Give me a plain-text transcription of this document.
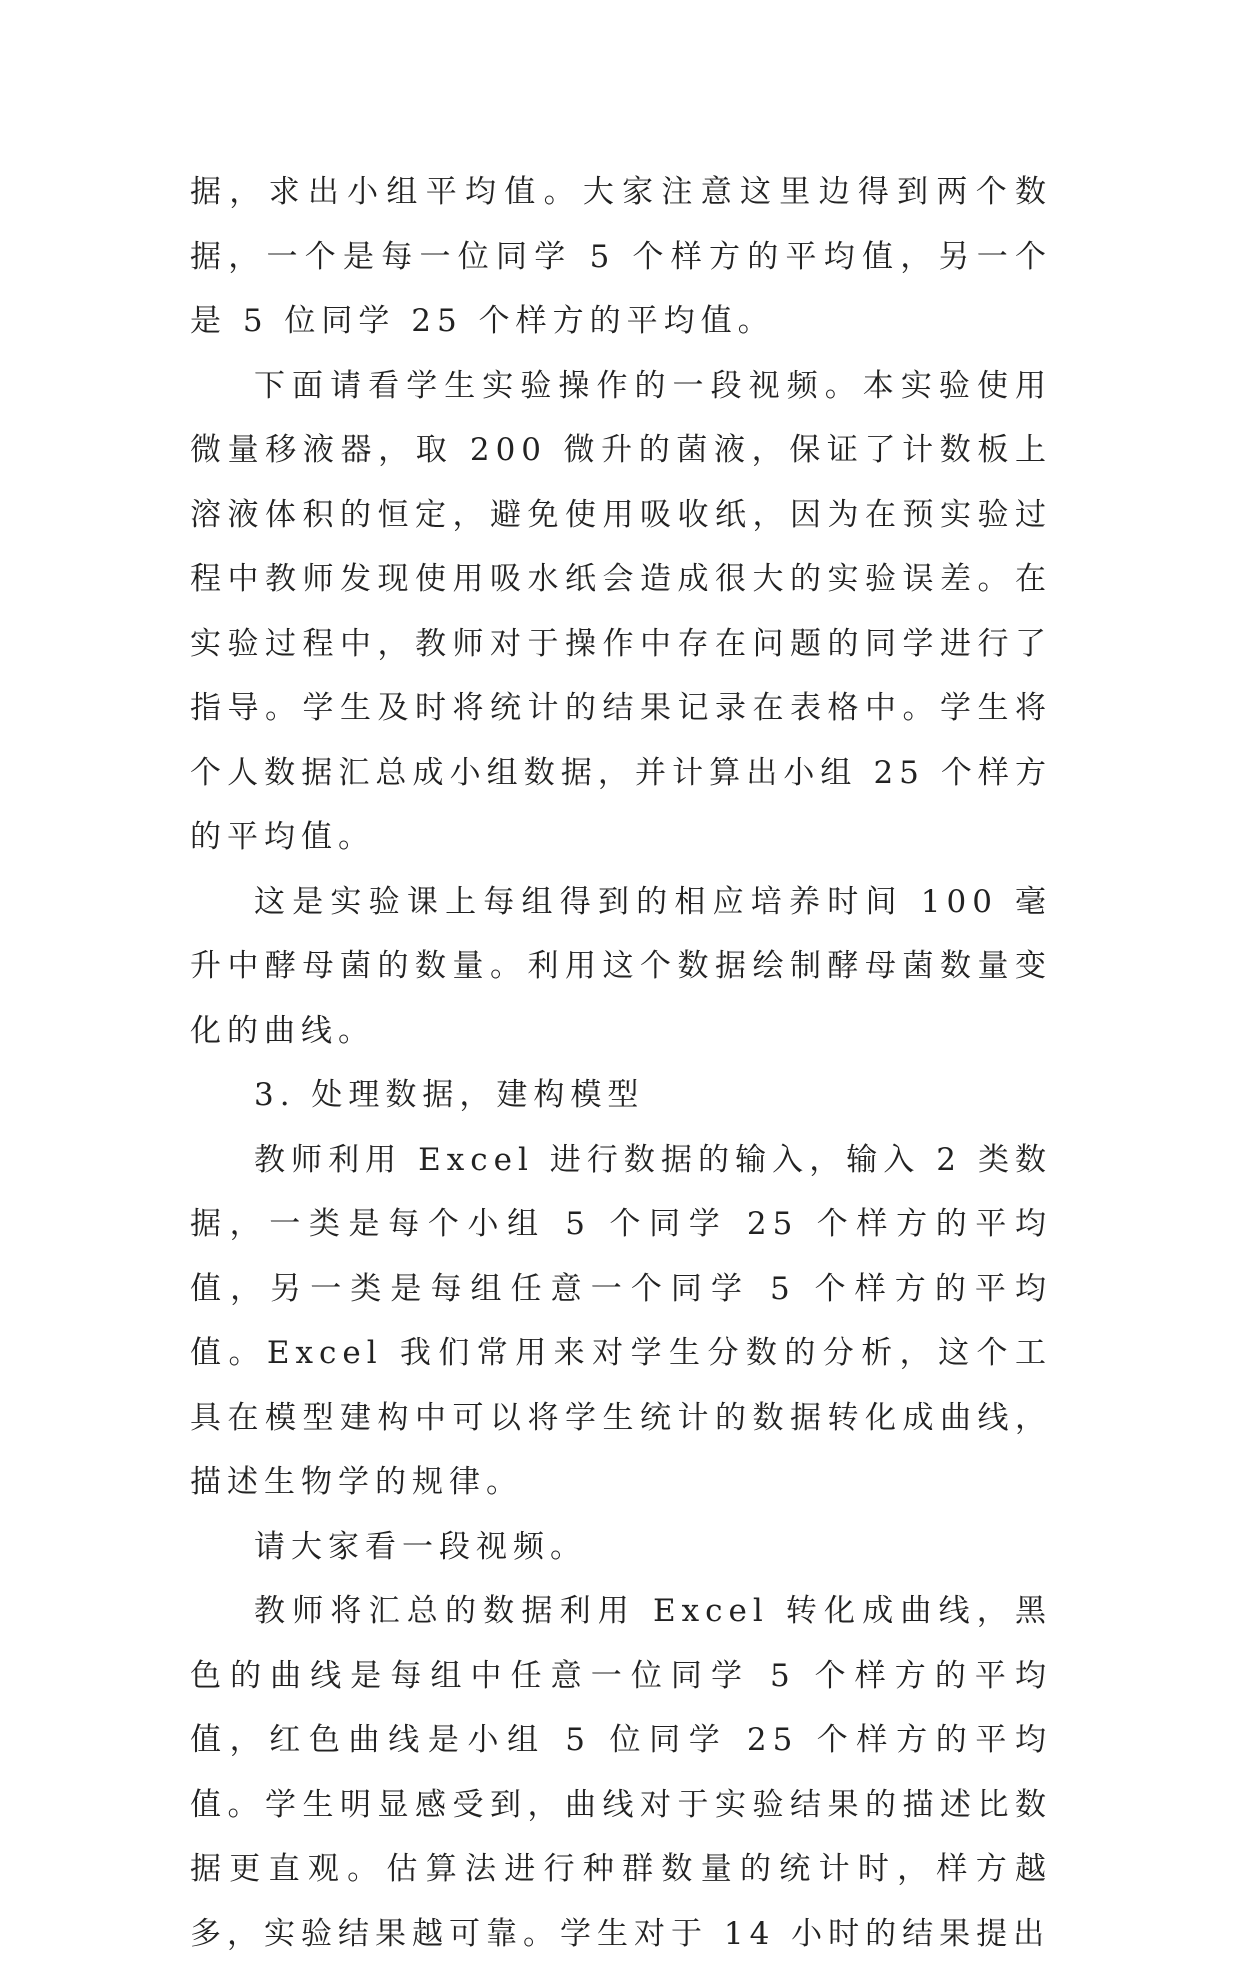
据，求出小组平均值。大家注意这里边得到两个数据，一个是每一位同学 5 个样方的平均值，另一个是 5 位同学 25 个样方的平均值。

下面请看学生实验操作的一段视频。本实验使用微量移液器，取 200 微升的菌液，保证了计数板上溶液体积的恒定，避免使用吸收纸，因为在预实验过程中教师发现使用吸水纸会造成很大的实验误差。在实验过程中，教师对于操作中存在问题的同学进行了指导。学生及时将统计的结果记录在表格中。学生将个人数据汇总成小组数据，并计算出小组 25 个样方的平均值。

这是实验课上每组得到的相应培养时间 100 毫升中酵母菌的数量。利用这个数据绘制酵母菌数量变化的曲线。

3. 处理数据，建构模型

教师利用 Excel 进行数据的输入，输入 2 类数据，一类是每个小组 5 个同学 25 个样方的平均值，另一类是每组任意一个同学 5 个样方的平均值。Excel 我们常用来对学生分数的分析，这个工具在模型建构中可以将学生统计的数据转化成曲线，描述生物学的规律。

请大家看一段视频。

教师将汇总的数据利用 Excel 转化成曲线，黑色的曲线是每组中任意一位同学 5 个样方的平均值，红色曲线是小组 5 位同学 25 个样方的平均值。学生明显感受到，曲线对于实验结果的描述比数据更直观。估算法进行种群数量的统计时，样方越多，实验结果越可靠。学生对于 14 小时的结果提出
